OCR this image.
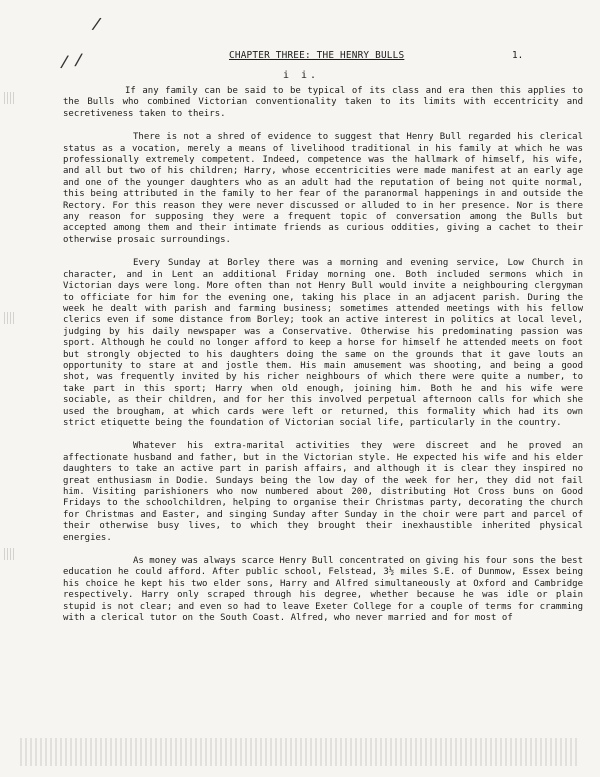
/
/ /	CHAPTER THREE: THE HENRY BULLS	1.
i i.

If any family can be said to be typical of its class and era then this applies to the Bulls who combined Victorian conventionality taken to its limits with eccentricity and secretiveness taken to theirs.

There is not a shred of evidence to suggest that Henry Bull regarded his clerical status as a vocation, merely a means of livelihood traditional in his family at which he was professionally extremely competent. Indeed, competence was the hallmark of himself, his wife, and all but two of his children; Harry, whose eccentricities were made manifest at an early age and one of the younger daughters who as an adult had the reputation of being not quite normal, this being attributed in the family to her fear of the paranormal happenings in and outside the Rectory. For this reason they were never discussed or alluded to in her presence. Nor is there any reason for supposing they were a frequent topic of conversation among the Bulls but accepted among them and their intimate friends as curious oddities, giving a cachet to their otherwise prosaic surroundings.

Every Sunday at Borley there was a morning and evening service, Low Church in character, and in Lent an additional Friday morning one. Both included sermons which in Victorian days were long. More often than not Henry Bull would invite a neighbouring clergyman to officiate for him for the evening one, taking his place in an adjacent parish. During the week he dealt with parish and farming business; sometimes attended meetings with his fellow clerics even if some distance from Borley; took an active interest in politics at local level, judging by his daily newspaper was a Conservative. Otherwise his predominating passion was sport. Although he could no longer afford to keep a horse for himself he attended meets on foot but strongly objected to his daughters doing the same on the grounds that it gave louts an opportunity to stare at and jostle them. His main amusement was shooting, and being a good shot, was frequently invited by his richer neighbours of which there were quite a number, to take part in this sport; Harry when old enough, joining him. Both he and his wife were sociable, as their children, and for her this involved perpetual afternoon calls for which she used the brougham, at which cards were left or returned, this formality which had its own strict etiquette being the foundation of Victorian social life, particularly in the country.

Whatever his extra-marital activities they were discreet and he proved an affectionate husband and father, but in the Victorian style. He expected his wife and his elder daughters to take an active part in parish affairs, and although it is clear they inspired no great enthusiasm in Dodie. Sundays being the low day of the week for her, they did not fail him. Visiting parishioners who now numbered about 200, distributing Hot Cross buns on Good Fridays to the schoolchildren, helping to organise their Christmas party, decorating the church for Christmas and Easter, and singing Sunday after Sunday in the choir were part and parcel of their otherwise busy lives, to which they brought their inexhaustible inherited physical energies.

As money was always scarce Henry Bull concentrated on giving his four sons the best education he could afford. After public school, Felstead, 3½ miles S.E. of Dunmow, Essex being his choice he kept his two elder sons, Harry and Alfred simultaneously at Oxford and Cambridge respectively. Harry only scraped through his degree, whether because he was idle or plain stupid is not clear; and even so had to leave Exeter College for a couple of terms for cramming with a clerical tutor on the South Coast. Alfred, who never married and for most of
